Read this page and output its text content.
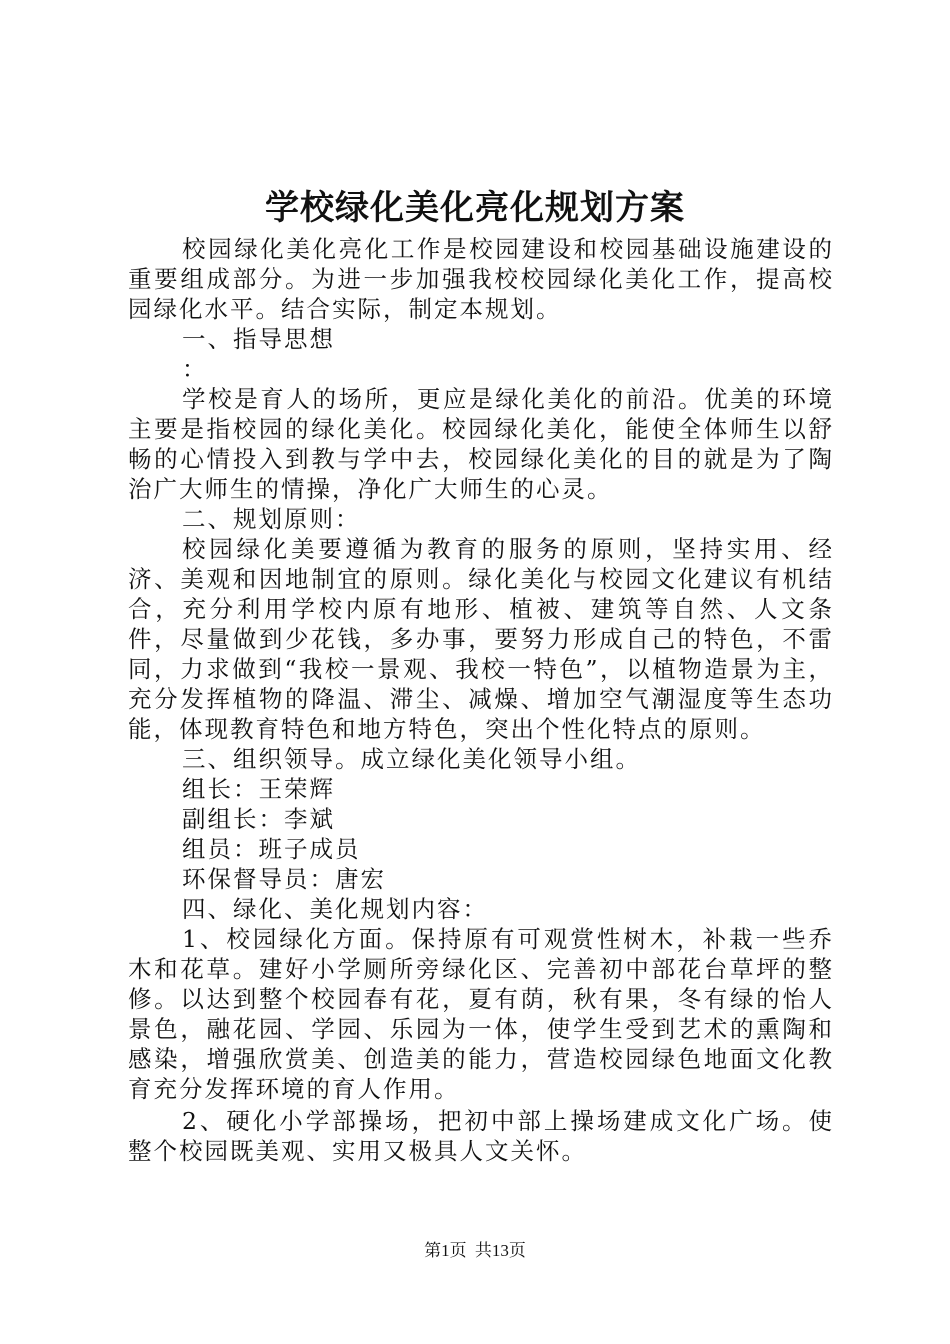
学校绿化美化亮化规划方案

校园绿化美化亮化工作是校园建设和校园基础设施建设的重要组成部分。为进一步加强我校校园绿化美化工作，提高校园绿化水平。结合实际，制定本规划。

一、指导思想

：

学校是育人的场所，更应是绿化美化的前沿。优美的环境主要是指校园的绿化美化。校园绿化美化，能使全体师生以舒畅的心情投入到教与学中去，校园绿化美化的目的就是为了陶治广大师生的情操，净化广大师生的心灵。

二、规划原则：

校园绿化美要遵循为教育的服务的原则，坚持实用、经济、美观和因地制宜的原则。绿化美化与校园文化建议有机结合，充分利用学校内原有地形、植被、建筑等自然、人文条件，尽量做到少花钱，多办事，要努力形成自己的特色，不雷同，力求做到“我校一景观、我校一特色”，以植物造景为主，充分发挥植物的降温、滞尘、减燥、增加空气潮湿度等生态功能，体现教育特色和地方特色，突出个性化特点的原则。

三、组织领导。成立绿化美化领导小组。

组长：王荣辉

副组长：李斌

组员：班子成员

环保督导员：唐宏

四、绿化、美化规划内容：

1、校园绿化方面。保持原有可观赏性树木，补栽一些乔木和花草。建好小学厕所旁绿化区、完善初中部花台草坪的整修。以达到整个校园春有花，夏有荫，秋有果，冬有绿的怡人景色，融花园、学园、乐园为一体，使学生受到艺术的熏陶和感染，增强欣赏美、创造美的能力，营造校园绿色地面文化教育充分发挥环境的育人作用。

2、硬化小学部操场，把初中部上操场建成文化广场。使整个校园既美观、实用又极具人文关怀。

第1页 共13页
